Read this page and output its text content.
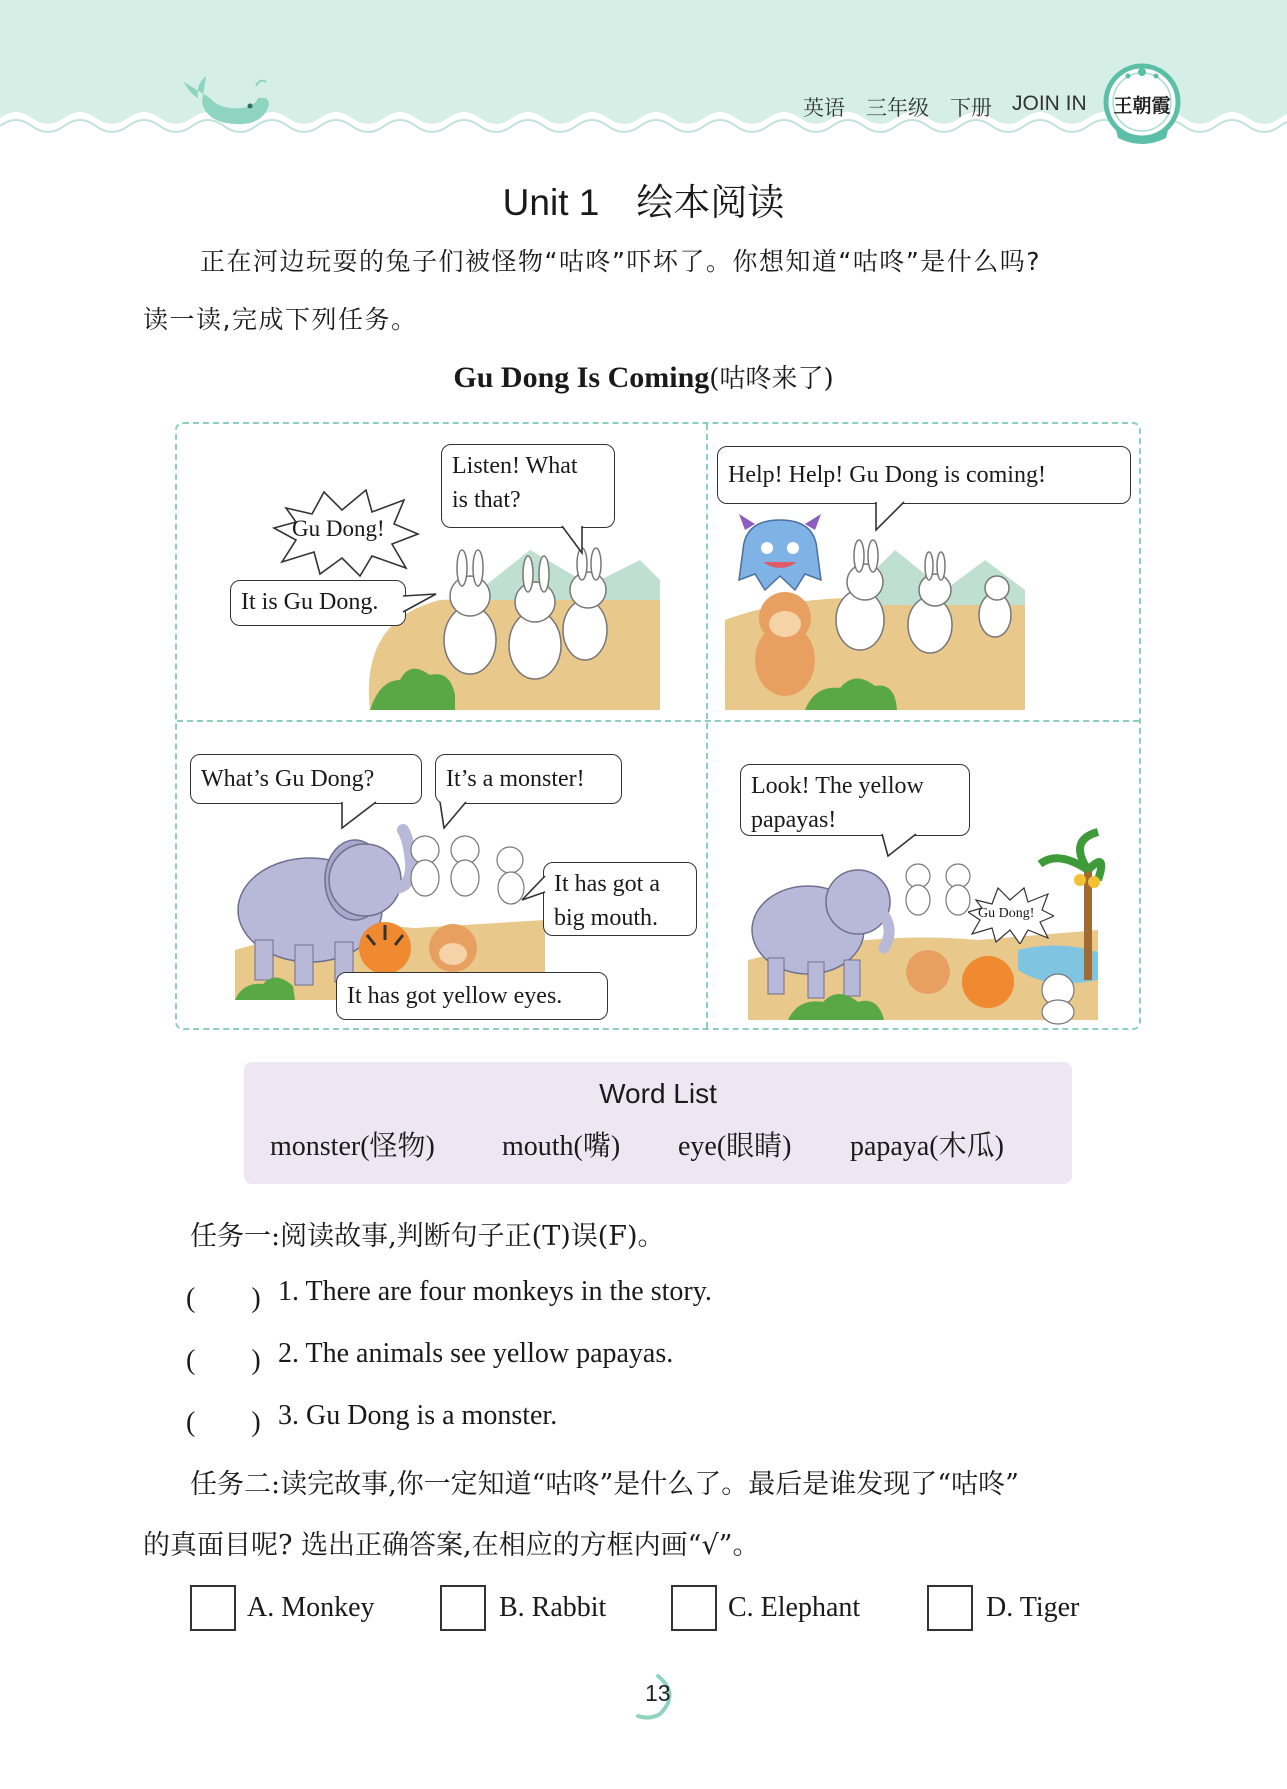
英语 三年级 下册 JOIN IN 王朝霞
Unit 1　绘本阅读
正在河边玩耍的兔子们被怪物“咕咚”吓坏了。你想知道“咕咚”是什么吗?
读一读,完成下列任务。
Gu Dong Is Coming(咕咚来了)
Gu Dong!
Listen! What
is that?
It is Gu Dong.
Help! Help! Gu Dong is coming!
What’s Gu Dong?	It’s a monster!
It has got a
big mouth.
It has got yellow eyes.
Look! The yellow
papayas!
Gu Dong!
Word List
monster(怪物) mouth(嘴) eye(眼睛) papaya(木瓜)
任务一:阅读故事,判断句子正(T)误(F)。
(　　) 1. There are four monkeys in the story.
(　　) 2. The animals see yellow papayas.
(　　) 3. Gu Dong is a monster.
任务二:读完故事,你一定知道“咕咚”是什么了。最后是谁发现了“咕咚”
的真面目呢? 选出正确答案,在相应的方框内画“√”。
A. Monkey	B. Rabbit	C. Elephant	D. Tiger
13
